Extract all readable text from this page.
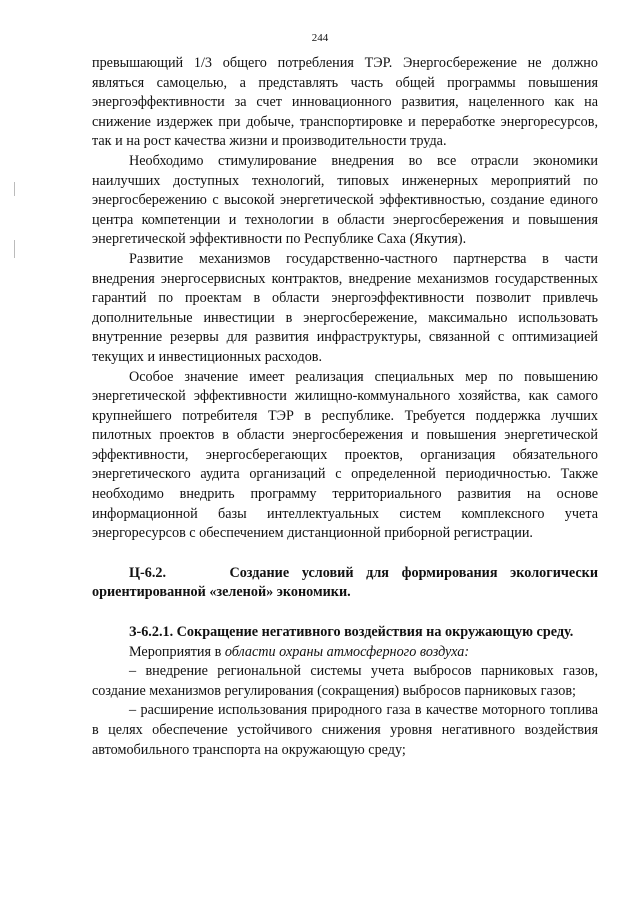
244

превышающий 1/3 общего потребления ТЭР. Энергосбережение не должно являться самоцелью, а представлять часть общей программы повышения энергоэффективности за счет инновационного развития, нацеленного как на снижение издержек при добыче, транспортировке и переработке энергоресурсов, так и на рост качества жизни и производительности труда.

Необходимо стимулирование внедрения во все отрасли экономики наилучших доступных технологий, типовых инженерных мероприятий по энергосбережению с высокой энергетической эффективностью, создание единого центра компетенции и технологии в области энергосбережения и повышения энергетической эффективности по Республике Саха (Якутия).

Развитие механизмов государственно-частного партнерства в части внедрения энергосервисных контрактов, внедрение механизмов государственных гарантий по проектам в области энергоэффективности позволит привлечь дополнительные инвестиции в энергосбережение, максимально использовать внутренние резервы для развития инфраструктуры, связанной с оптимизацией текущих и инвестиционных расходов.

Особое значение имеет реализация специальных мер по повышению энергетической эффективности жилищно-коммунального хозяйства, как самого крупнейшего потребителя ТЭР в республике. Требуется поддержка лучших пилотных проектов в области энергосбережения и повышения энергетической эффективности, энергосберегающих проектов, организация обязательного энергетического аудита организаций с определенной периодичностью. Также необходимо внедрить программу территориального развития на основе информационной базы интеллектуальных систем комплексного учета энергоресурсов с обеспечением дистанционной приборной регистрации.

Ц-6.2.     Создание условий для формирования экологически ориентированной «зеленой» экономики.

З-6.2.1. Сокращение негативного воздействия на окружающую среду.

Мероприятия в области охраны атмосферного воздуха:

– внедрение региональной системы учета выбросов парниковых газов, создание механизмов регулирования (сокращения) выбросов парниковых газов;

– расширение использования природного газа в качестве моторного топлива в целях обеспечение устойчивого снижения уровня негативного воздействия автомобильного транспорта на окружающую среду;
